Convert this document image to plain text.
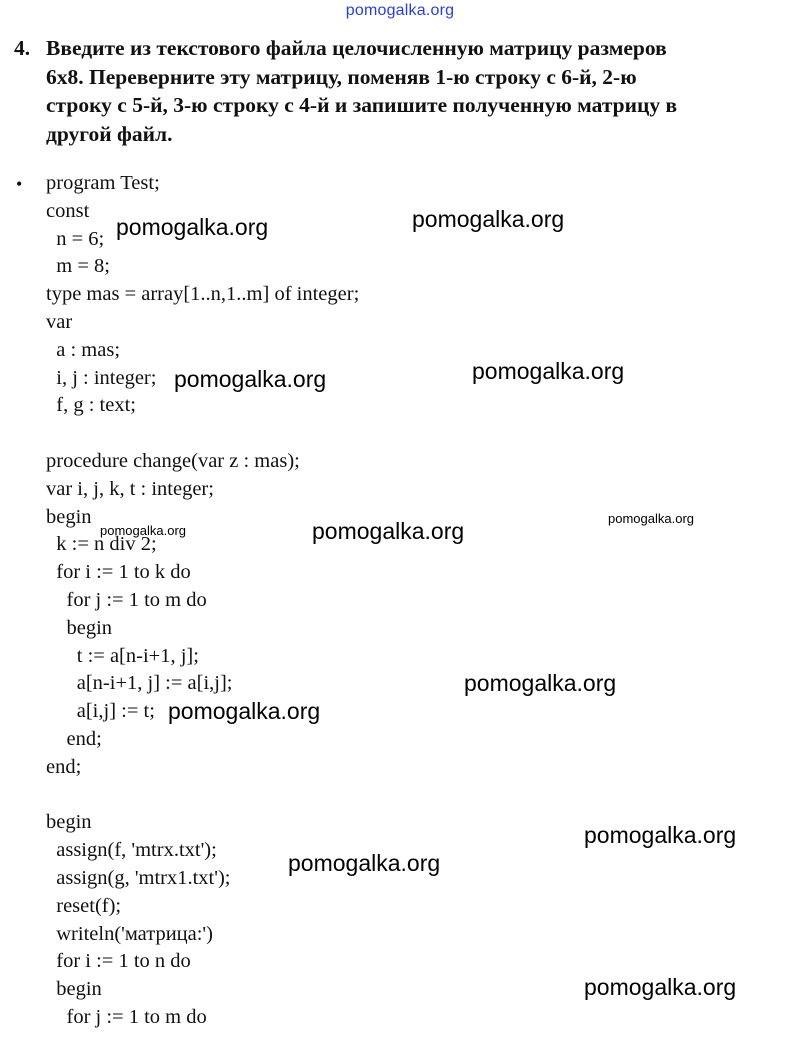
pomogalka.org
4. Введите из текстового файла целочисленную матрицу размеров
6х8. Переверните эту матрицу, поменяв 1-ю строку с 6-й, 2-ю
строку с 5-й, 3-ю строку с 4-й и запишите полученную матрицу в
другой файл.
• program Test;
const
n = 6;
m = 8;
type mas = array[1..n,1..m] of integer;
var
a : mas;
i, j : integer;
f, g : text;
procedure change(var z : mas);
var i, j, k, t : integer;
begin
k := n div 2;
for i := 1 to k do
for j := 1 to m do
begin
t := a[n-i+1, j];
a[n-i+1, j] := a[i,j];
a[i,j] := t;
end;
end;
begin
assign(f, 'mtrx.txt');
assign(g, 'mtrx1.txt');
reset(f);
writeln('матрица:')
for i := 1 to n do
begin
for j := 1 to m do
pomogalka.org	pomogalka.org
pomogalka.org	pomogalka.org
pomogalka.org	pomogalka.org	pomogalka.org
pomogalka.org
pomogalka.org
pomogalka.org
pomogalka.org
pomogalka.org
